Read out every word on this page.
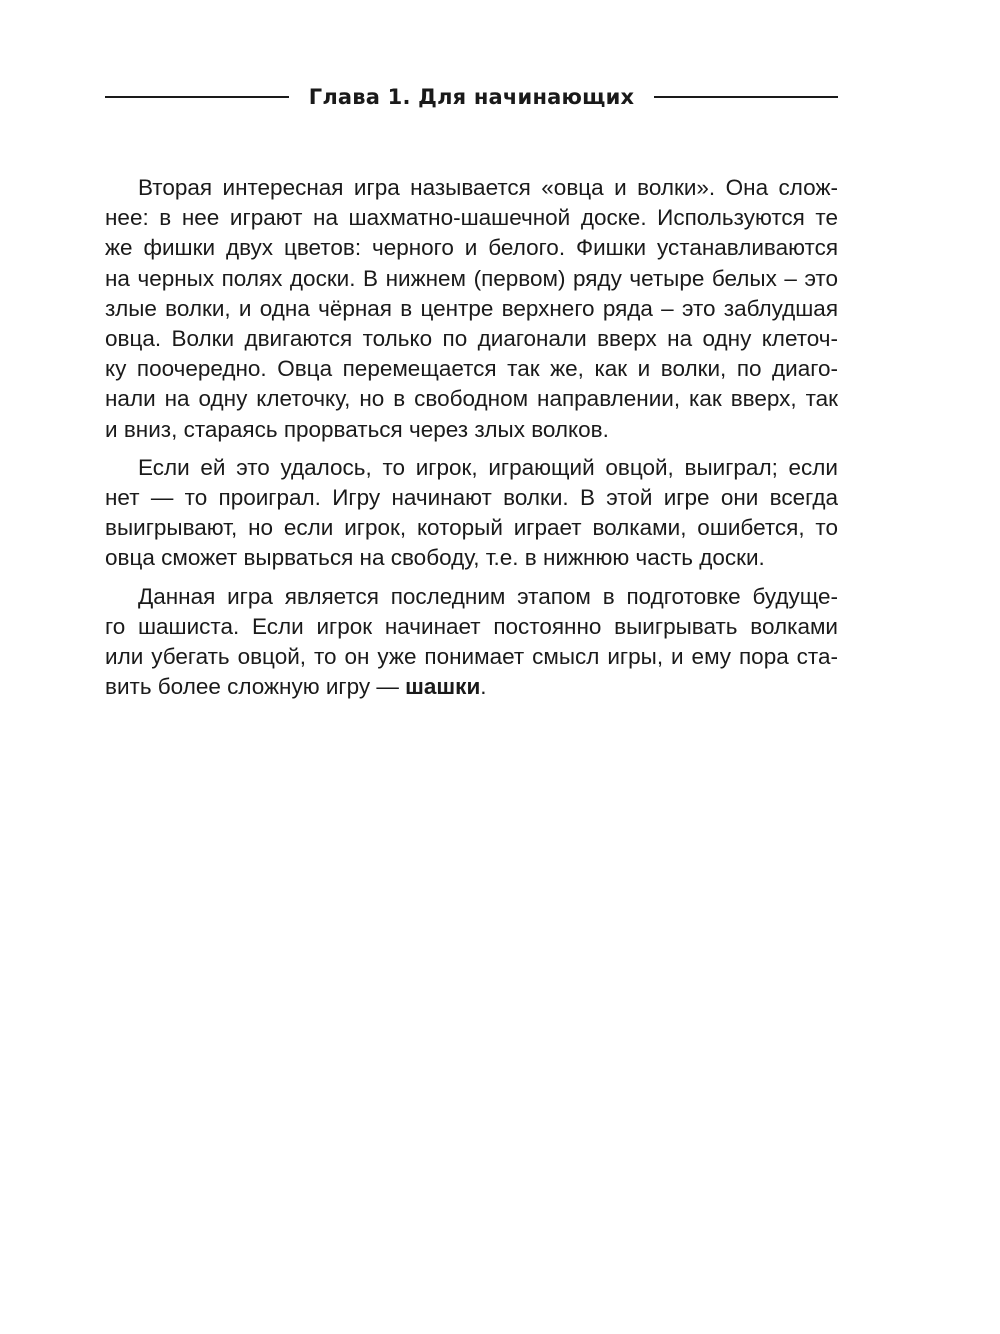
Глава 1. Для начинающих

Вторая интересная игра называется «овца и волки». Она слож-
нее: в нее играют на шахматно-шашечной доске. Используются те
же фишки двух цветов: черного и белого. Фишки устанавливаются
на черных полях доски. В нижнем (первом) ряду четыре белых – это
злые волки, и одна чёрная в центре верхнего ряда – это заблудшая
овца. Волки двигаются только по диагонали вверх на одну клеточ-
ку поочередно. Овца перемещается так же, как и волки, по диаго-
нали на одну клеточку, но в свободном направлении, как вверх, так
и вниз, стараясь прорваться через злых волков.

Если ей это удалось, то игрок, играющий овцой, выиграл; если
нет — то проиграл. Игру начинают волки. В этой игре они всегда
выигрывают, но если игрок, который играет волками, ошибется, то
овца сможет вырваться на свободу, т.е. в нижнюю часть доски.

Данная игра является последним этапом в подготовке будуще-
го шашиста. Если игрок начинает постоянно выигрывать волками
или убегать овцой, то он уже понимает смысл игры, и ему пора ста-
вить более сложную игру — шашки.
